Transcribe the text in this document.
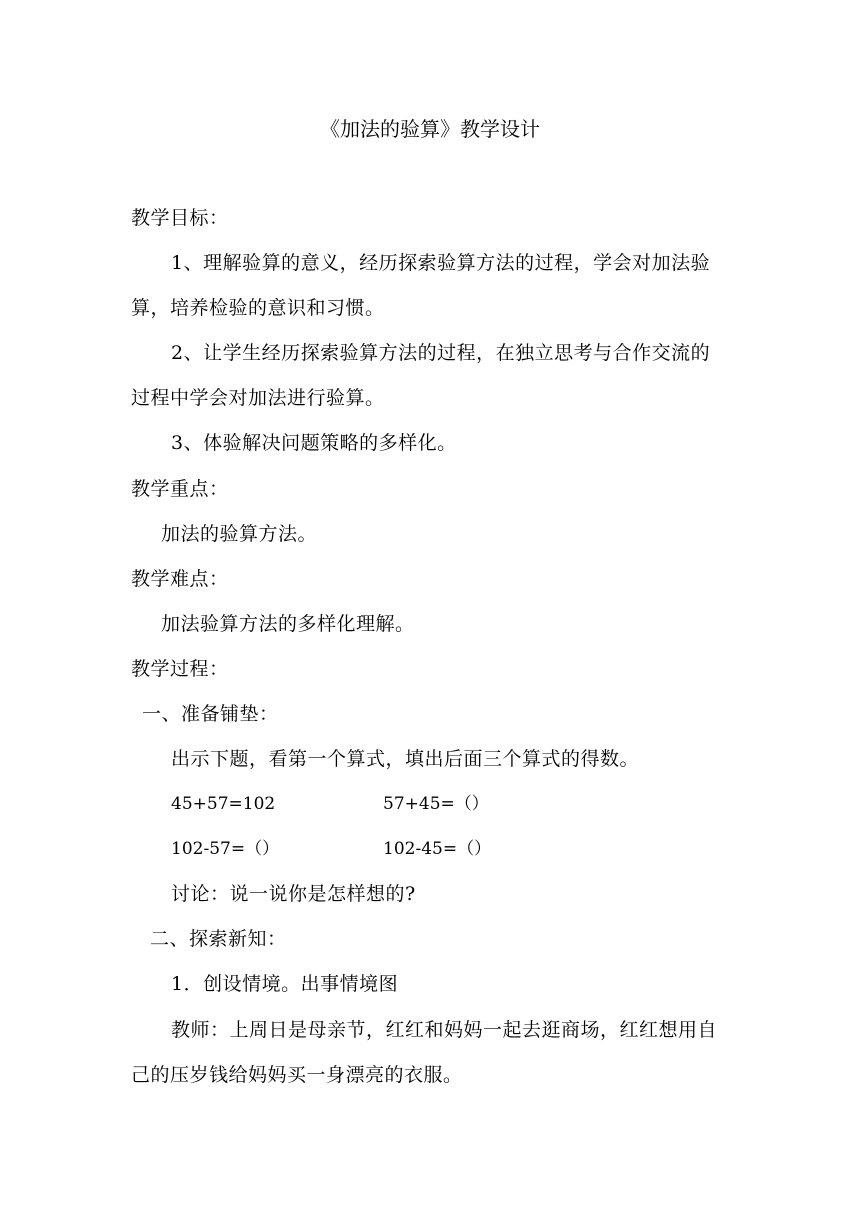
《加法的验算》教学设计
教学目标：
1、理解验算的意义，经历探索验算方法的过程，学会对加法验
算，培养检验的意识和习惯。
2、让学生经历探索验算方法的过程，在独立思考与合作交流的
过程中学会对加法进行验算。
3、体验解决问题策略的多样化。
教学重点：
加法的验算方法。
教学难点：
加法验算方法的多样化理解。
教学过程：
一、准备铺垫：
出示下题，看第一个算式，填出后面三个算式的得数。
45+57=102	57+45=（）
102-57=（）	102-45=（）
讨论：说一说你是怎样想的?
二、探索新知：
1．创设情境。出事情境图
教师：上周日是母亲节，红红和妈妈一起去逛商场，红红想用自
己的压岁钱给妈妈买一身漂亮的衣服。
